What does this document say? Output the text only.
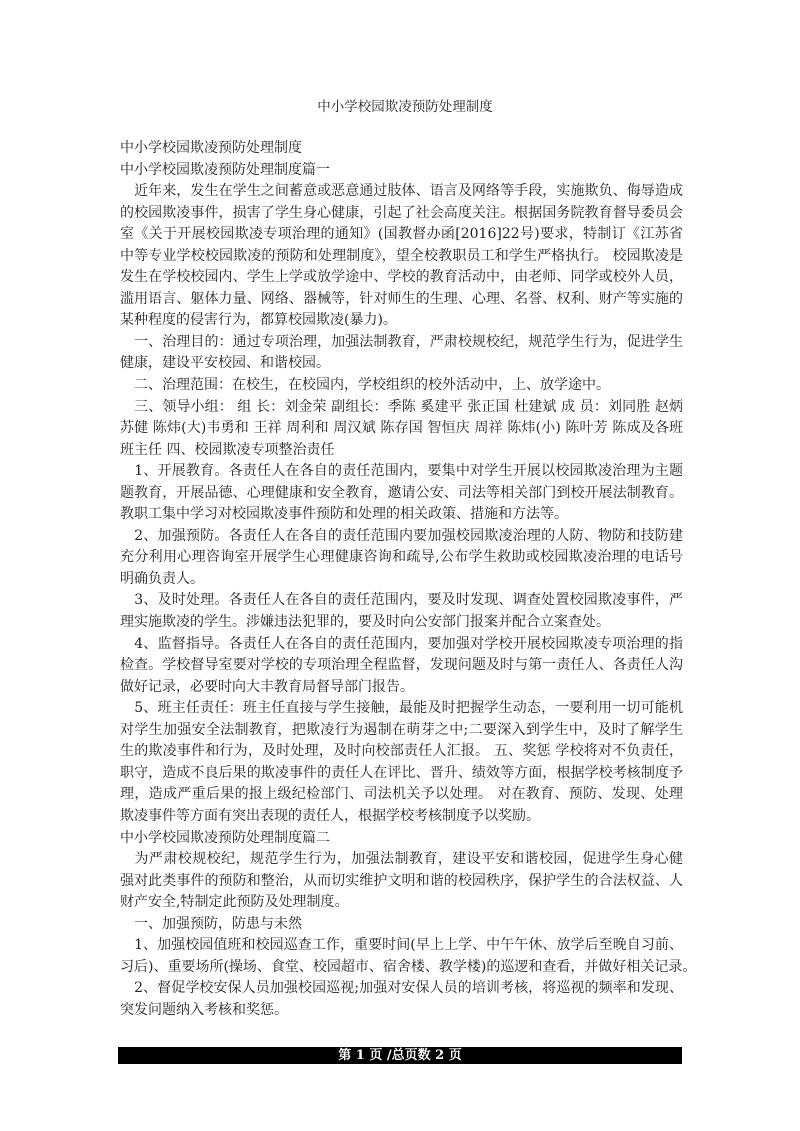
中小学校园欺凌预防处理制度
中小学校园欺凌预防处理制度
中小学校园欺凌预防处理制度篇一
　近年来，发生在学生之间蓄意或恶意通过肢体、语言及网络等手段，实施欺负、侮辱造成
的校园欺凌事件，损害了学生身心健康，引起了社会高度关注。根据国务院教育督导委员会
室《关于开展校园欺凌专项治理的通知》(国教督办函[2016]22号)要求，特制订《江苏省
中等专业学校校园欺凌的预防和处理制度》，望全校教职员工和学生严格执行。 校园欺凌是
发生在学校校园内、学生上学或放学途中、学校的教育活动中，由老师、同学或校外人员，
滥用语言、躯体力量、网络、器械等，针对师生的生理、心理、名誉、权利、财产等实施的
某种程度的侵害行为，都算校园欺凌(暴力)。
　一、治理目的：通过专项治理，加强法制教育，严肃校规校纪，规范学生行为，促进学生
健康，建设平安校园、和谐校园。
　二、治理范围：在校生，在校园内，学校组织的校外活动中，上、放学途中。
　三、领导小组： 组 长：刘金荣 副组长：季陈 奚建平 张正国 杜建斌 成 员：刘同胜 赵炳
苏健 陈炜(大)韦勇和 王祥 周利和 周汉斌 陈存国 智恒庆 周祥 陈炜(小) 陈叶芳 陈成及各班
班主任 四、校园欺凌专项整治责任
　1、开展教育。各责任人在各自的责任范围内，要集中对学生开展以校园欺凌治理为主题
题教育，开展品德、心理健康和安全教育，邀请公安、司法等相关部门到校开展法制教育。
教职工集中学习对校园欺凌事件预防和处理的相关政策、措施和方法等。
　2、加强预防。各责任人在各自的责任范围内要加强校园欺凌治理的人防、物防和技防建
充分利用心理咨询室开展学生心理健康咨询和疏导,公布学生救助或校园欺凌治理的电话号
明确负责人。
　3、及时处理。各责任人在各自的责任范围内，要及时发现、调查处置校园欺凌事件，严
理实施欺凌的学生。涉嫌违法犯罪的，要及时向公安部门报案并配合立案查处。
　4、监督指导。各责任人在各自的责任范围内，要加强对学校开展校园欺凌专项治理的指
检查。学校督导室要对学校的专项治理全程监督，发现问题及时与第一责任人、各责任人沟
做好记录，必要时向大丰教育局督导部门报告。
　5、班主任责任：班主任直接与学生接触，最能及时把握学生动态，一要利用一切可能机
对学生加强安全法制教育，把欺凌行为遏制在萌芽之中;二要深入到学生中，及时了解学生
生的欺凌事件和行为，及时处理，及时向校部责任人汇报。 五、奖惩 学校将对不负责任，
职守，造成不良后果的欺凌事件的责任人在评比、晋升、绩效等方面，根据学校考核制度予
理，造成严重后果的报上级纪检部门、司法机关予以处理。 对在教育、预防、发现、处理
欺凌事件等方面有突出表现的责任人，根据学校考核制度予以奖励。
中小学校园欺凌预防处理制度篇二
　为严肃校规校纪，规范学生行为，加强法制教育，建设平安和谐校园，促进学生身心健
强对此类事件的预防和整治，从而切实维护文明和谐的校园秩序，保护学生的合法权益、人
财产安全,特制定此预防及处理制度。
　一、加强预防，防患与未然
　1、加强校园值班和校园巡查工作，重要时间(早上上学、中午午休、放学后至晚自习前、
习后)、重要场所(操场、食堂、校园超市、宿舍楼、教学楼)的巡逻和查看，并做好相关记录。
　2、督促学校安保人员加强校园巡视;加强对安保人员的培训考核，将巡视的频率和发现、
突发问题纳入考核和奖惩。
第 1 页 /总页数 2 页
